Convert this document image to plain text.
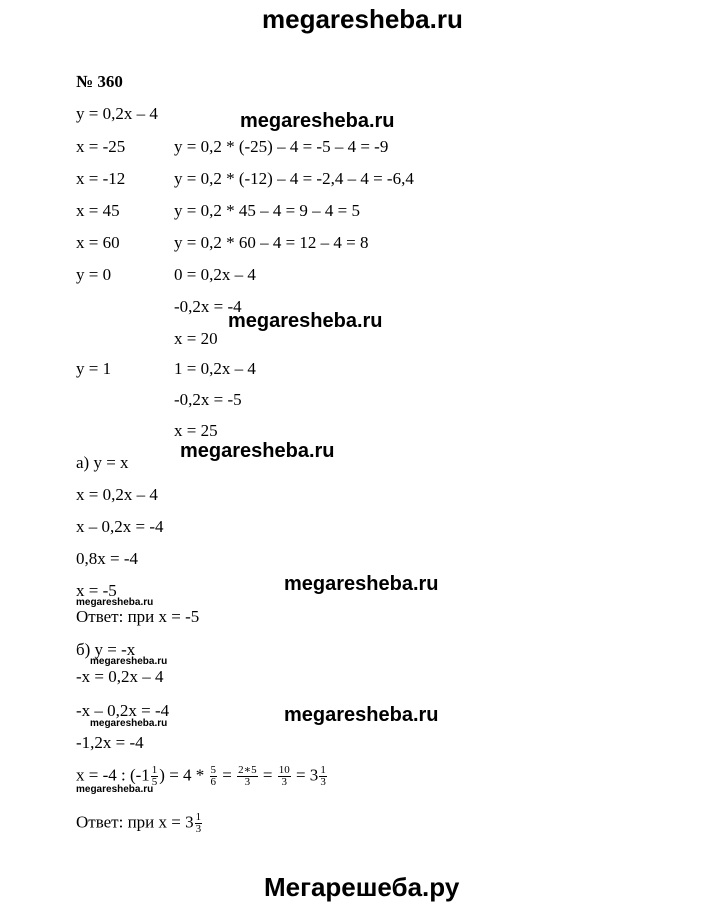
megaresheba.ru
№ 360
y = 0,2x – 4	megaresheba.ru
x = -25	y = 0,2 * (-25) – 4 = -5 – 4 = -9
x = -12	y = 0,2 * (-12) – 4 = -2,4 – 4 = -6,4
x = 45	y = 0,2 * 45 – 4 = 9 – 4 = 5
x = 60	y = 0,2 * 60 – 4 = 12 – 4 = 8
y = 0	0 = 0,2x – 4
-0,2x = -4
x = 20
megaresheba.ru
y = 1	1 = 0,2x – 4
-0,2x = -5
x = 25
а) y = x
megaresheba.ru
x = 0,2x – 4
x – 0,2x = -4
0,8x = -4
x = -5
megaresheba.ru
megaresheba.ru
Ответ: при x = -5
б) y = -x
megaresheba.ru
-x = 0,2x – 4
-x – 0,2x = -4
megaresheba.ru	megaresheba.ru
-1,2x = -4
x = -4 : ($-1 \frac{1}{5}$ ) = $4 * \frac{5}{6} = \frac{2∗5}{3} = \frac{10}{3} = 3 \frac{1}{3}$
megaresheba.ru
Ответ: при $x = 3 \frac{1}{3}$
Мегарешеба.ру
